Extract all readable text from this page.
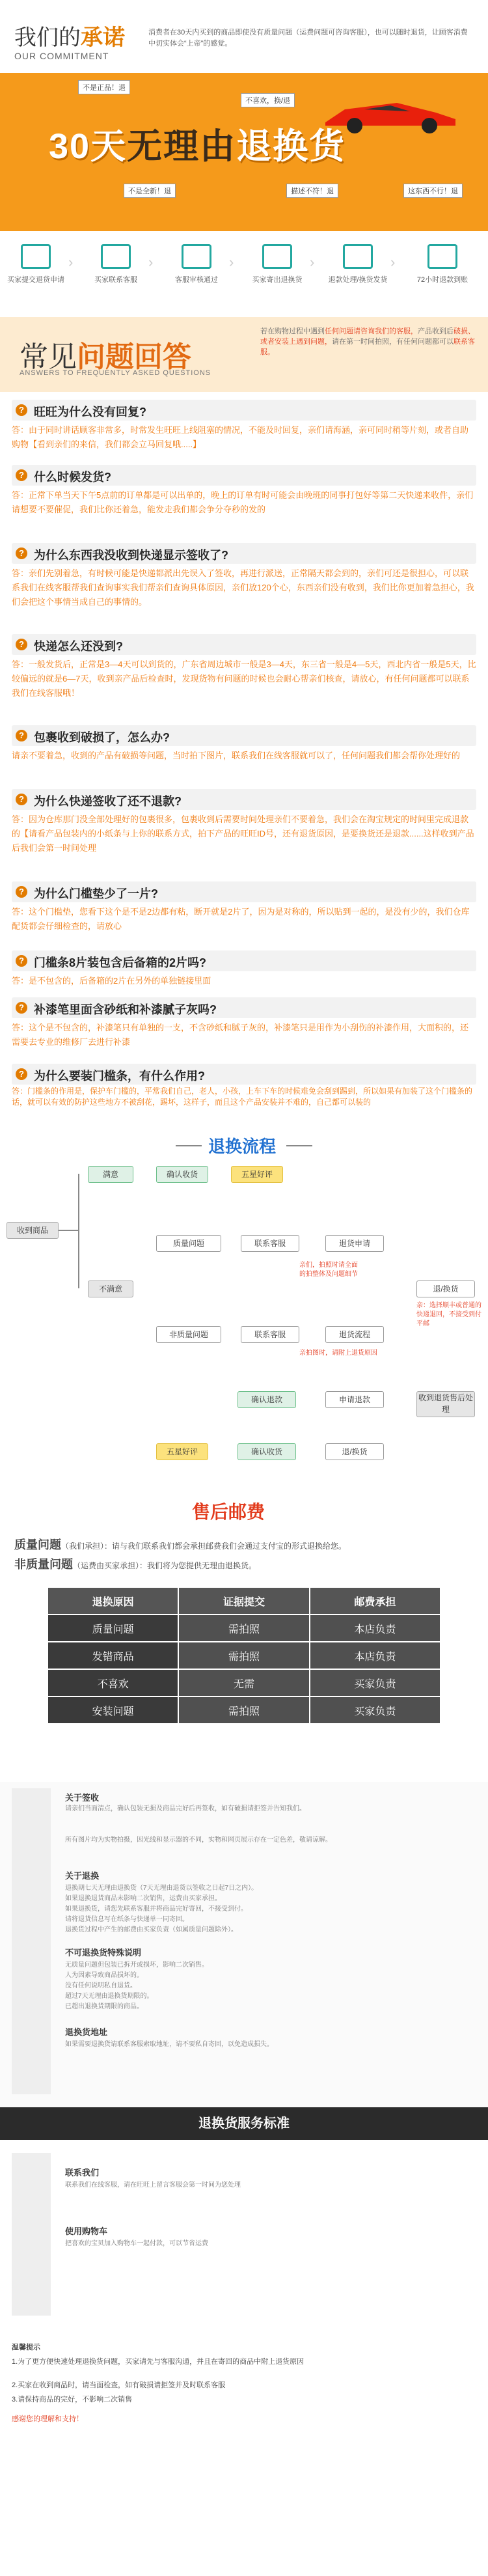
我们的承诺
OUR COMMITMENT
消费者在30天内买到的商品即使没有质量问题（运费问题可咨询客服），也可以随时退货，让顾客消费中切实体会“上帝”的感觉。
不是正品！退
不喜欢，换/退
不是全新！退	描述不符！退	这东西不行！退
30天无理由退换货
买家提交退货申请
›
买家联系客服
›
客服审核通过
›
买家寄出退换货
›
退款处理/换货发货
›
72小时退款到账
常见问题回答
ANSWERS TO FREQUENTLY ASKED QUESTIONS
若在购物过程中遇到任何问题请咨询我们的客服，产品收到后破损、或者安装上遇到问题，请在第一时间拍照，有任何问题都可以联系客服。
? 旺旺为什么没有回复?
答：由于同时讲话顾客非常多，时常发生旺旺上线阻塞的情况，不能及时回复，亲们请海涵，亲可同时稍等片刻，或者自助购物【看到亲们的来信，我们都会立马回复哦.....】
? 什么时候发货?
答：正常下单当天下午5点前的订单都是可以出单的，晚上的订单有时可能会由晚班的同事打包好等第二天快递来收件，亲们请想要不要催促，我们比你还着急，能发走我们都会争分夺秒的发的
? 为什么东西我没收到快递显示签收了?
答：亲们先别着急，有时候可能是快递都派出先误入了签收，再进行派送，正常隔天都会到的，亲们可还是很担心，可以联系我们在线客服帮我们查询事实我们帮亲们查询具体原因，亲们放120个心，东西亲们没有收到，我们比你更加着急担心，我们会把这个事情当成自己的事情的。
? 快递怎么还没到?
答：一般发货后，正常是3—4天可以到货的，广东省周边城市一般是3—4天，东三省一般是4—5天，西北内省一般是5天，比较偏远的就是6—7天，收到亲产品后检查时，发现货物有问题的时候也会耐心帮亲们核查，请放心，有任何问题都可以联系我们在线客服哦！
? 包裹收到破损了，怎么办?
请亲不要着急，收到的产品有破损等问题，当时拍下图片，联系我们在线客服就可以了，任何问题我们都会帮你处理好的
? 为什么快递签收了还不退款?
答：因为仓库那门没全部处理好的包裹很多，包裹收到后需要时间处理亲们不要着急，我们会在淘宝规定的时间里完成退款的【请看产品包装内的小纸条与上你的联系方式，拍下产品的旺旺ID号，还有退货原因，是要换货还是退款......这样收到产品后我们会第一时间处理
? 为什么门槛垫少了一片?
答：这个门槛垫，您看下这个是不是2边都有粘，断开就是2片了，因为是对称的，所以贴到一起的，是没有少的，我们仓库配货都会仔细检查的，请放心
? 门槛条8片装包含后备箱的2片吗?
答：是不包含的，后备箱的2片在另外的单独链接里面
? 补漆笔里面含砂纸和补漆腻子灰吗?
答：这个是不包含的，补漆笔只有单独的一支，不含砂纸和腻子灰的，补漆笔只是用作为小刮伤的补漆作用，大面积的，还需要去专业的维修厂去进行补漆
? 为什么要装门槛条，有什么作用?
答：门槛条的作用是，保护车门槛的，平常我们自己，老人，小孩，上车下车的时候难免会刮到踢到，所以如果有加装了这个门槛条的话，就可以有效的防护这些地方不被刮花，踢坏，这样子，而且这个产品安装并不难的，自己都可以装的
退换流程
收到商品
满意	确认收货	五星好评
不满意
质量问题
非质量问题
联系客服
联系客服
退货申请
退货流程
退/换货
亲们，拍照时请全面的拍整体及问题细节
亲：选择顺丰或普通的快递退回，不接受到付平邮
亲拍图时，请附上退货原因
申请退款
确认退款	收到退货售后处理
五星好评	确认收货	退/换货
售后邮费
质量问题（我们承担）：请与我们联系我们都会承担邮费我们会通过支付宝的形式退换给您。
非质量问题（运费由买家承担）：我们将为您提供无理由退换货。
退换原因	证据提交	邮费承担
质量问题	需拍照	本店负责
发错商品	需拍照	本店负责
不喜欢	无需	买家负责
安装问题	需拍照	买家负责
关于签收
请亲们当面清点，确认包装无损及商品完好后再签收，如有破损请拒签并告知我们。
所有图片均为实物拍摄，因光线和显示器的不同，实物和网页展示存在一定色差，敬请谅解。
关于退换
退换期七天无理由退换货（7天无理由退货以签收之日起7日之内）。
如果退换退货商品未影响二次销售，运费由买家承担。
如果退换货，请您先联系客服并将商品完好寄回，不接受到付。
请将退货信息写在纸条与快递单一同寄回。
退换货过程中产生的邮费由买家负责（如属质量问题除外）。
不可退换货特殊说明
无质量问题但包装已拆开或损坏，影响二次销售。
人为因素导致商品损坏的。
没有任何说明私自退货。
超过7天无理由退换货期限的。
已超出退换货期限的商品。
退换货地址
如果需要退换货请联系客服索取地址，请不要私自寄回，以免造成损失。
退换货服务标准
联系我们
联系我们在线客服，请在旺旺上留言客服会第一时间为您处理
使用购物车
把喜欢的宝贝加入购物车一起付款，可以节省运费
温馨提示
1.为了更方便快速处理退换货问题，买家请先与客服沟通，并且在寄回的商品中附上退货原因
2.买家在收到商品时，请当面检查，如有破损请拒签并及时联系客服
3.请保持商品的完好，不影响二次销售
感谢您的理解和支持！
